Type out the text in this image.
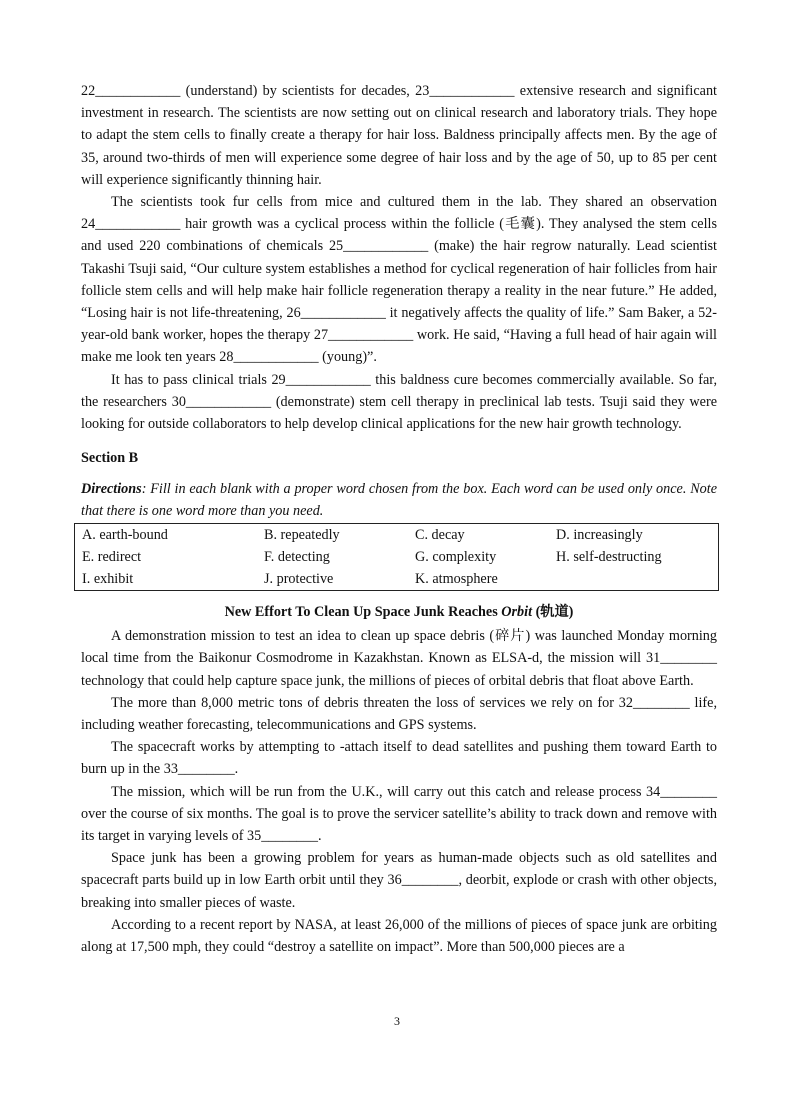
22____________ (understand) by scientists for decades, 23____________ extensive research and significant investment in research. The scientists are now setting out on clinical research and laboratory trials. They hope to adapt the stem cells to finally create a therapy for hair loss. Baldness principally affects men. By the age of 35, around two-thirds of men will experience some degree of hair loss and by the age of 50, up to 85 per cent will experience significantly thinning hair.

The scientists took fur cells from mice and cultured them in the lab. They shared an observation 24____________ hair growth was a cyclical process within the follicle (毛囊). They analysed the stem cells and used 220 combinations of chemicals 25____________ (make) the hair regrow naturally. Lead scientist Takashi Tsuji said, “Our culture system establishes a method for cyclical regeneration of hair follicles from hair follicle stem cells and will help make hair follicle regeneration therapy a reality in the near future.” He added, “Losing hair is not life-threatening, 26____________ it negatively affects the quality of life.” Sam Baker, a 52-year-old bank worker, hopes the therapy 27____________ work. He said, “Having a full head of hair again will make me look ten years 28____________ (young)”.

It has to pass clinical trials 29____________ this baldness cure becomes commercially available. So far, the researchers 30____________ (demonstrate) stem cell therapy in preclinical lab tests. Tsuji said they were looking for outside collaborators to help develop clinical applications for the new hair growth technology.

Section B
Directions: Fill in each blank with a proper word chosen from the box. Each word can be used only once. Note that there is one word more than you need.
A. earth-bound	B. repeatedly	C. decay	D. increasingly
E. redirect	F. detecting	G. complexity	H. self-destructing
I. exhibit	J. protective	K. atmosphere	
New Effort To Clean Up Space Junk Reaches Orbit (轨道)

A demonstration mission to test an idea to clean up space debris (碎片) was launched Monday morning local time from the Baikonur Cosmodrome in Kazakhstan. Known as ELSA-d, the mission will 31________ technology that could help capture space junk, the millions of pieces of orbital debris that float above Earth.

The more than 8,000 metric tons of debris threaten the loss of services we rely on for 32________ life, including weather forecasting, telecommunications and GPS systems.

The spacecraft works by attempting to -attach itself to dead satellites and pushing them toward Earth to burn up in the 33________.

The mission, which will be run from the U.K., will carry out this catch and release process 34________ over the course of six months. The goal is to prove the servicer satellite’s ability to track down and remove with its target in varying levels of 35________.

Space junk has been a growing problem for years as human-made objects such as old satellites and spacecraft parts build up in low Earth orbit until they 36________, deorbit, explode or crash with other objects, breaking into smaller pieces of waste.

According to a recent report by NASA, at least 26,000 of the millions of pieces of space junk are orbiting along at 17,500 mph, they could “destroy a satellite on impact”. More than 500,000 pieces are a

3
